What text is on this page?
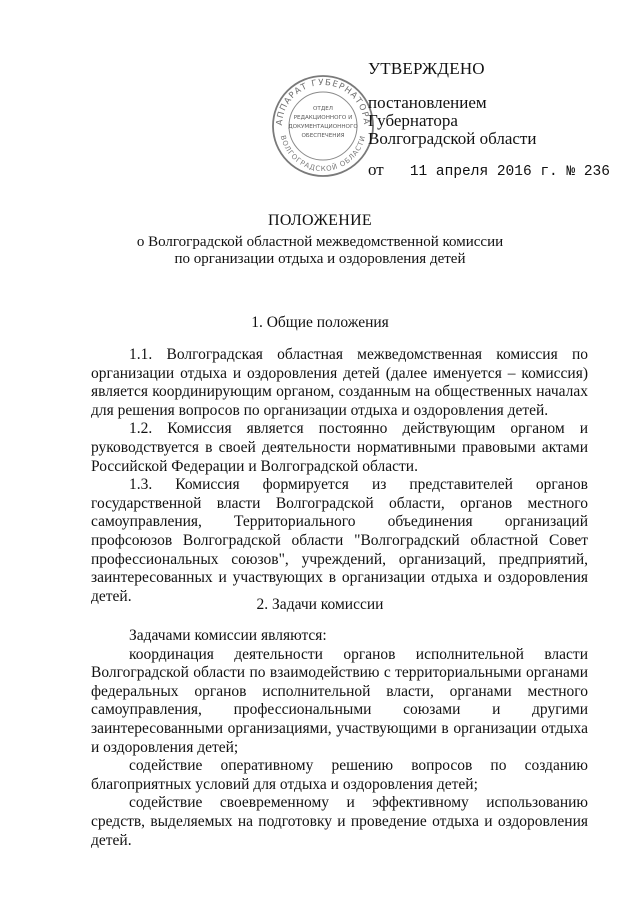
АППАРАТ ГУБЕРНАТОРА
ВОЛГОГРАДСКОЙ ОБЛАСТИ
ОТДЕЛ
РЕДАКЦИОННОГО И
ДОКУМЕНТАЦИОННОГО
ОБЕСПЕЧЕНИЯ
УТВЕРЖДЕНО
постановлением
Губернатора
Волгоградской области
от 11 апреля 2016 г. № 236
ПОЛОЖЕНИЕ
о Волгоградской областной межведомственной комиссии
по организации отдыха и оздоровления детей
1. Общие положения

1.1. Волгоградская областная межведомственная комиссия по организации отдыха и оздоровления детей (далее именуется – комиссия) является координирующим органом, созданным на общественных началах для решения вопросов по организации отдыха и оздоровления детей.

1.2. Комиссия является постоянно действующим органом и руководствуется в своей деятельности нормативными правовыми актами Российской Федерации и Волгоградской области.

1.3. Комиссия формируется из представителей органов государственной власти Волгоградской области, органов местного самоуправления, Территориального объединения организаций профсоюзов Волгоградской области "Волгоградский областной Совет профессиональных союзов", учреждений, организаций, предприятий, заинтересованных и участвующих в организации отдыха и оздоровления детей.	2. Задачи комиссии

Задачами комиссии являются:

координация деятельности органов исполнительной власти Волгоградской области по взаимодействию с территориальными органами федеральных органов исполнительной власти, органами местного самоуправления, профессиональными союзами и другими заинтересованными организациями, участвующими в организации отдыха и оздоровления детей;

содействие оперативному решению вопросов по созданию благоприятных условий для отдыха и оздоровления детей;

содействие своевременному и эффективному использованию средств, выделяемых на подготовку и проведение отдыха и оздоровления детей.
